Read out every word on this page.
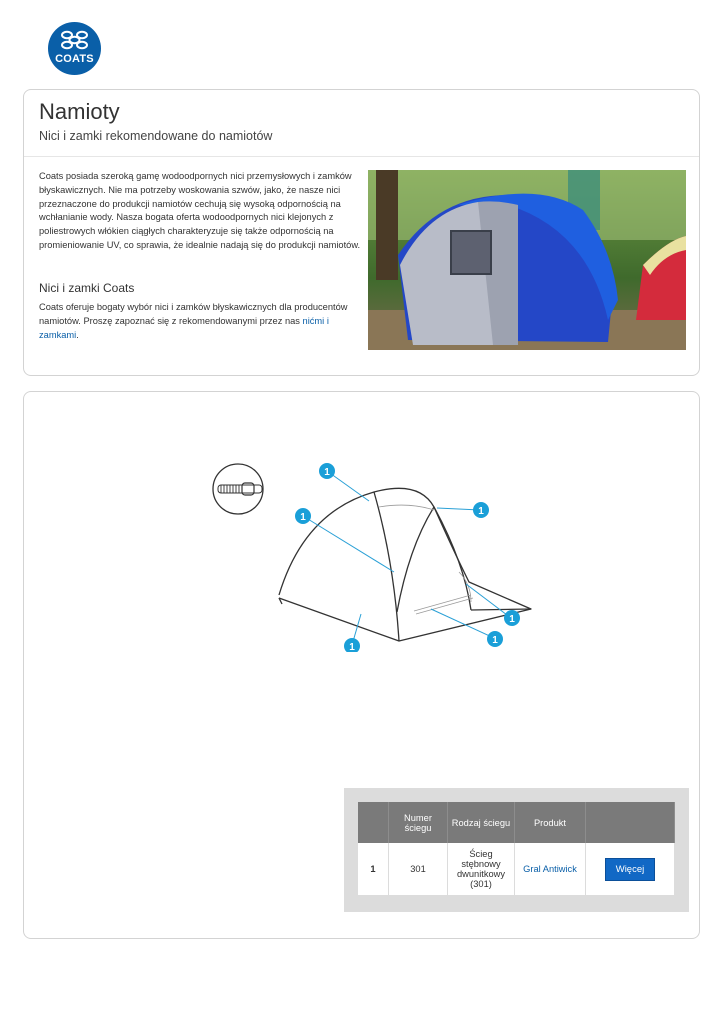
COATS
Namioty

Nici i zamki rekomendowane do namiotów

Coats posiada szeroką gamę wodoodpornych nici przemysłowych i zamków błyskawicznych. Nie ma potrzeby woskowania szwów, jako, że nasze nici przeznaczone do produkcji namiotów cechują się wysoką odpornością na wchłanianie wody. Nasza bogata oferta wodoodpornych nici klejonych z poliestrowych włókien ciągłych charakteryzuje się także odpornością na promieniowanie UV, co sprawia, że idealnie nadają się do produkcji namiotów.

Nici i zamki Coats

Coats oferuje bogaty wybór nici i zamków błyskawicznych dla producentów namiotów. Proszę zapoznać się z rekomendowanymi przez nas nićmi i zamkami.

1
1
1
1
1
1
	Numer ściegu	Rodzaj ściegu	Produkt	
1	301	Ścieg stębnowy dwunitkowy (301)	Gral Antiwick	Więcej
